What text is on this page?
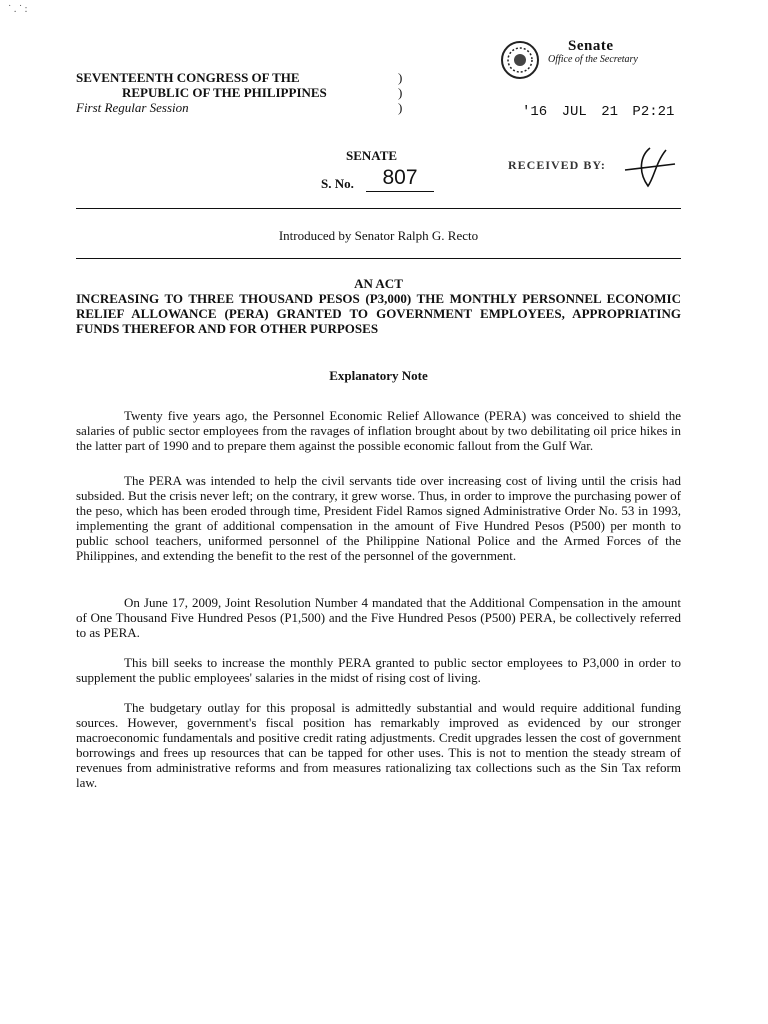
˙ . ˙ :
SEVENTEENTH CONGRESS OF THE
REPUBLIC OF THE PHILIPPINES
First Regular Session
)
)
)
Senate
Office of the Secretary
'16 JUL 21 P2:21
SENATE
S. No.	807
RECEIVED BY:
Introduced by Senator Ralph G. Recto
AN ACT
INCREASING TO THREE THOUSAND PESOS (P3,000) THE MONTHLY PERSONNEL ECONOMIC RELIEF ALLOWANCE (PERA) GRANTED TO GOVERNMENT EMPLOYEES, APPROPRIATING FUNDS THEREFOR AND FOR OTHER PURPOSES
Explanatory Note
Twenty five years ago, the Personnel Economic Relief Allowance (PERA) was conceived to shield the salaries of public sector employees from the ravages of inflation brought about by two debilitating oil price hikes in the latter part of 1990 and to prepare them against the possible economic fallout from the Gulf War.
The PERA was intended to help the civil servants tide over increasing cost of living until the crisis had subsided. But the crisis never left; on the contrary, it grew worse. Thus, in order to improve the purchasing power of the peso, which has been eroded through time, President Fidel Ramos signed Administrative Order No. 53 in 1993, implementing the grant of additional compensation in the amount of Five Hundred Pesos (P500) per month to public school teachers, uniformed personnel of the Philippine National Police and the Armed Forces of the Philippines, and extending the benefit to the rest of the personnel of the government.
On June 17, 2009, Joint Resolution Number 4 mandated that the Additional Compensation in the amount of One Thousand Five Hundred Pesos (P1,500) and the Five Hundred Pesos (P500) PERA, be collectively referred to as PERA.
This bill seeks to increase the monthly PERA granted to public sector employees to P3,000 in order to supplement the public employees' salaries in the midst of rising cost of living.
The budgetary outlay for this proposal is admittedly substantial and would require additional funding sources. However, government's fiscal position has remarkably improved as evidenced by our stronger macroeconomic fundamentals and positive credit rating adjustments. Credit upgrades lessen the cost of government borrowings and frees up resources that can be tapped for other uses. This is not to mention the steady stream of revenues from administrative reforms and from measures rationalizing tax collections such as the Sin Tax reform law.
